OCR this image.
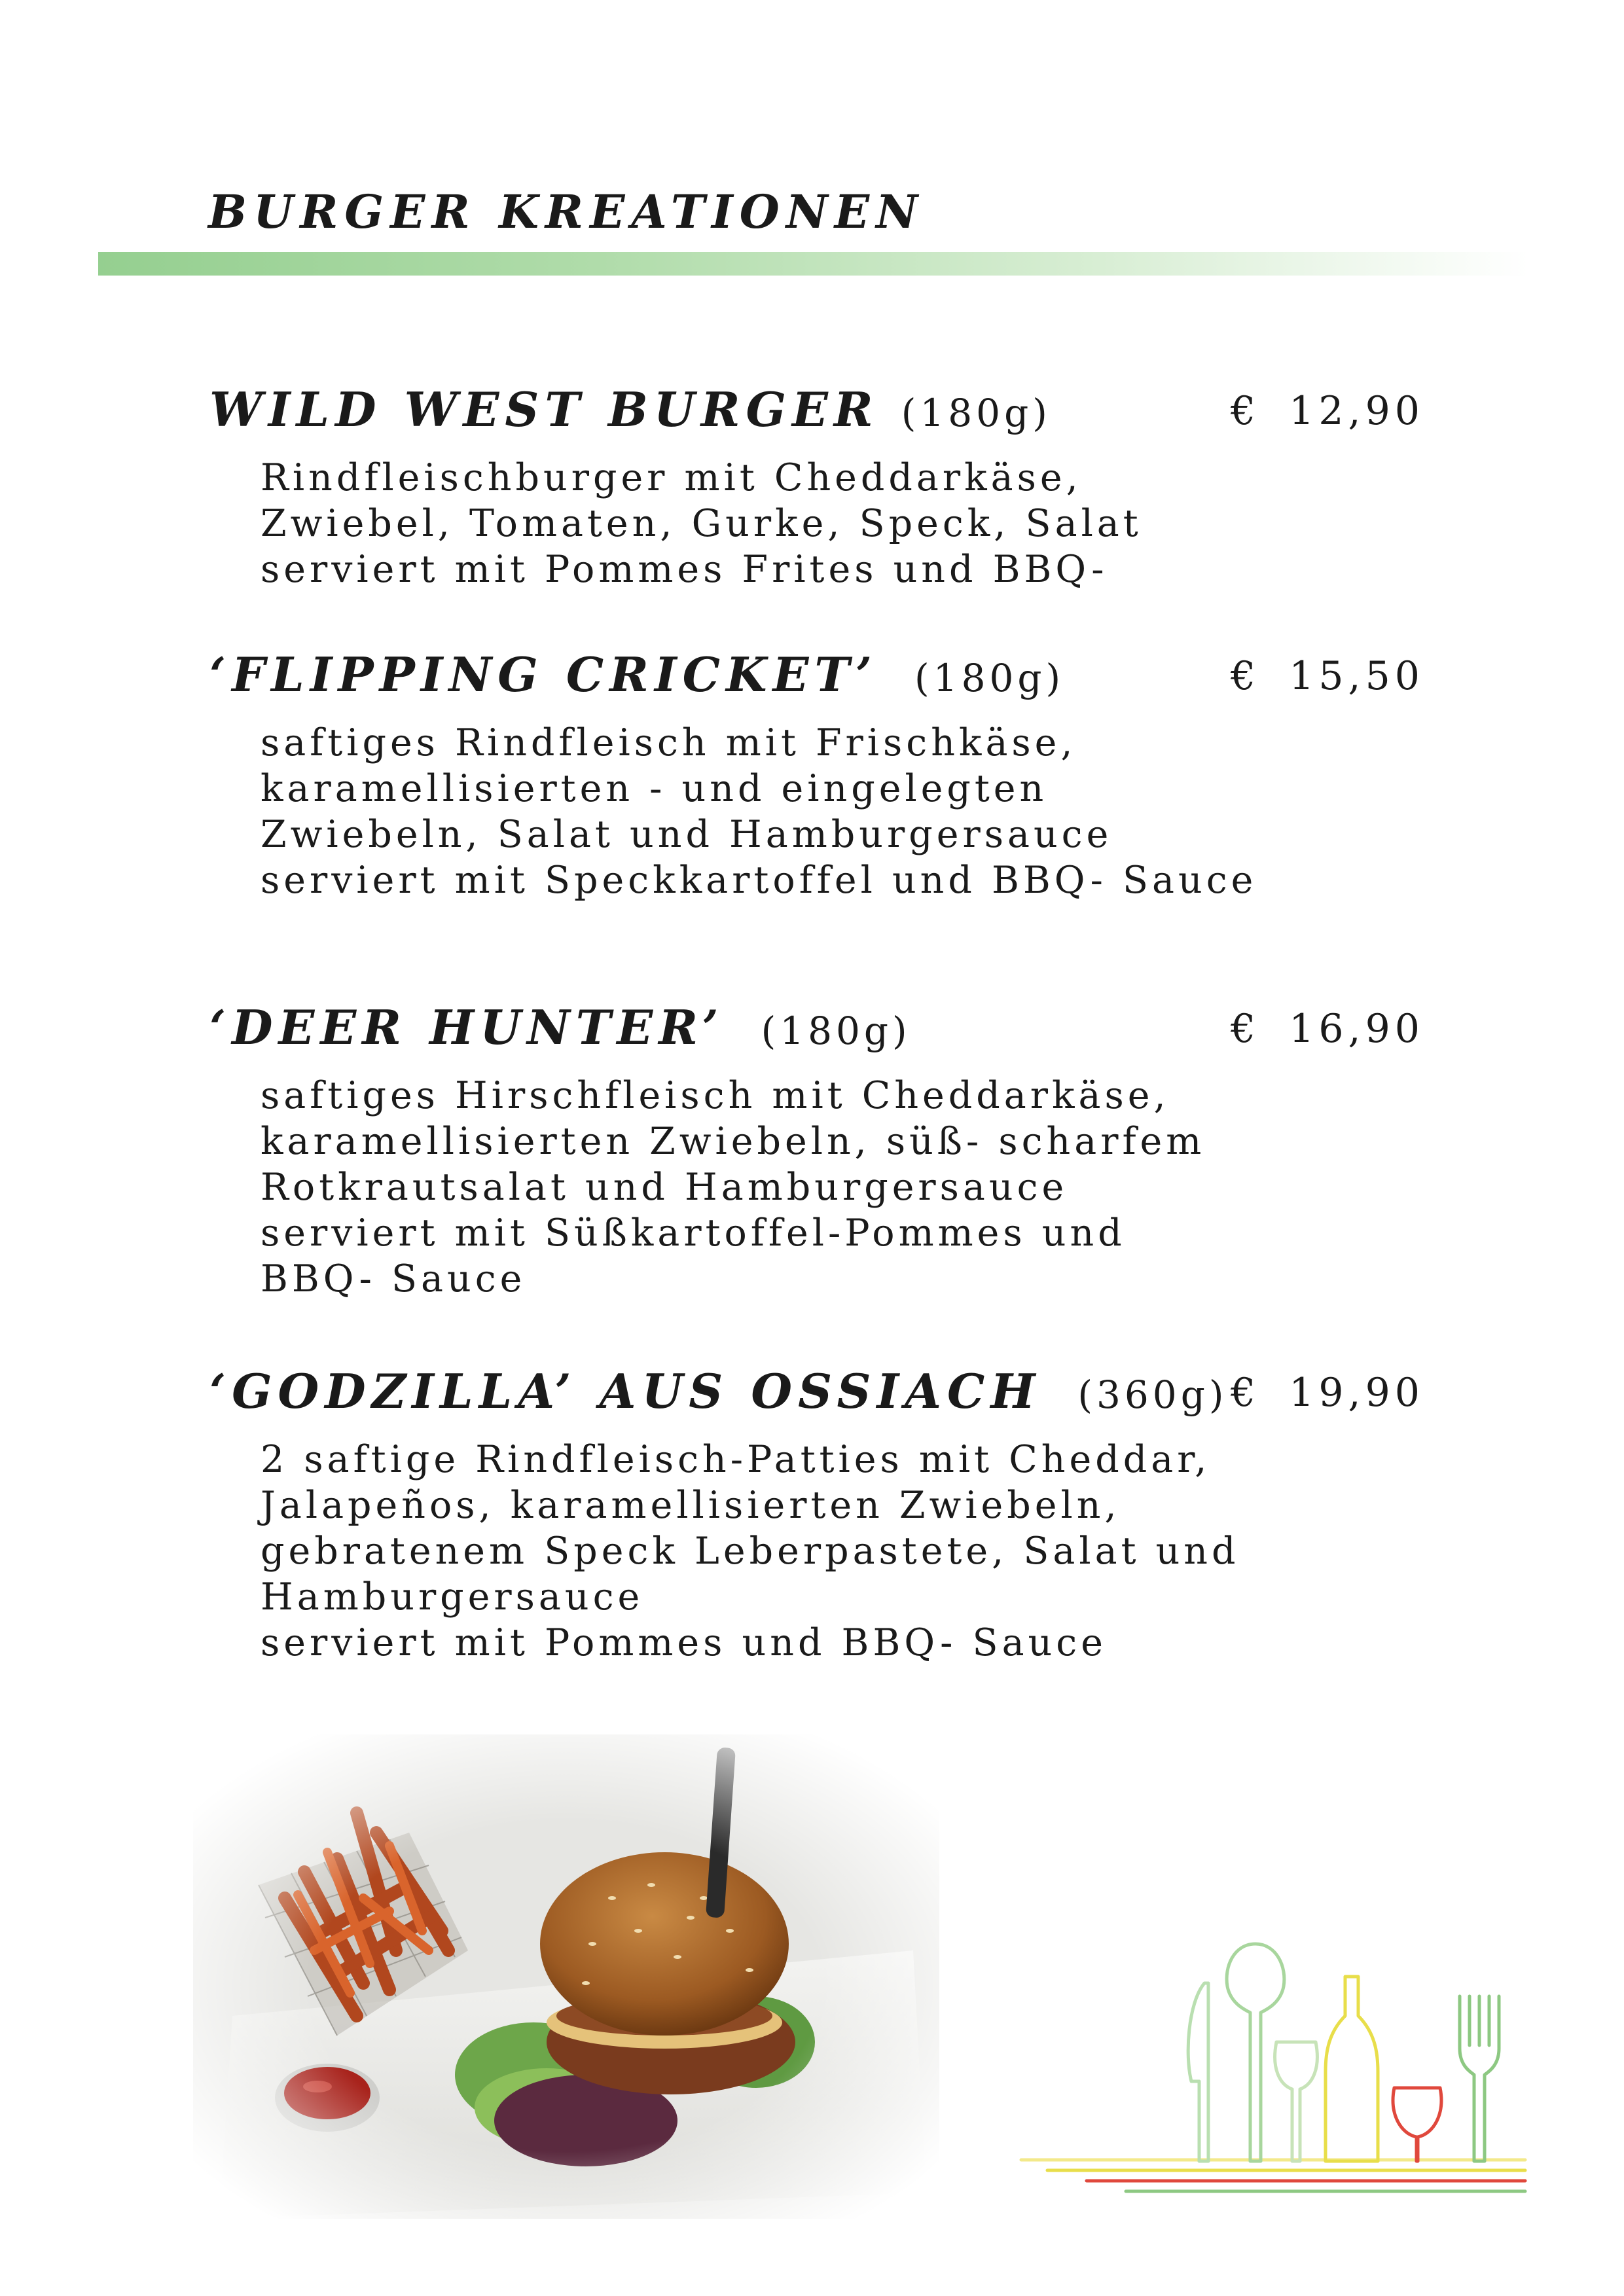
BURGER KREATIONEN
WILD WEST BURGER (180g)	€ 12,90
Rindfleischburger mit Cheddarkäse,
Zwiebel, Tomaten, Gurke, Speck, Salat
serviert mit Pommes Frites und BBQ-
‘FLIPPING CRICKET’ (180g)	€ 15,50
saftiges Rindfleisch mit Frischkäse,
karamellisierten - und eingelegten
Zwiebeln, Salat und Hamburgersauce
serviert mit Speckkartoffel und BBQ- Sauce
‘DEER HUNTER’ (180g)	€ 16,90
saftiges Hirschfleisch mit Cheddarkäse,
karamellisierten Zwiebeln, süß- scharfem
Rotkrautsalat und Hamburgersauce
serviert mit Süßkartoffel-Pommes und
BBQ- Sauce
‘GODZILLA’ AUS OSSIACH (360g) € 19,90
2 saftige Rindfleisch-Patties mit Cheddar,
Jalapeños, karamellisierten Zwiebeln,
gebratenem Speck Leberpastete, Salat und
Hamburgersauce
serviert mit Pommes und BBQ- Sauce
